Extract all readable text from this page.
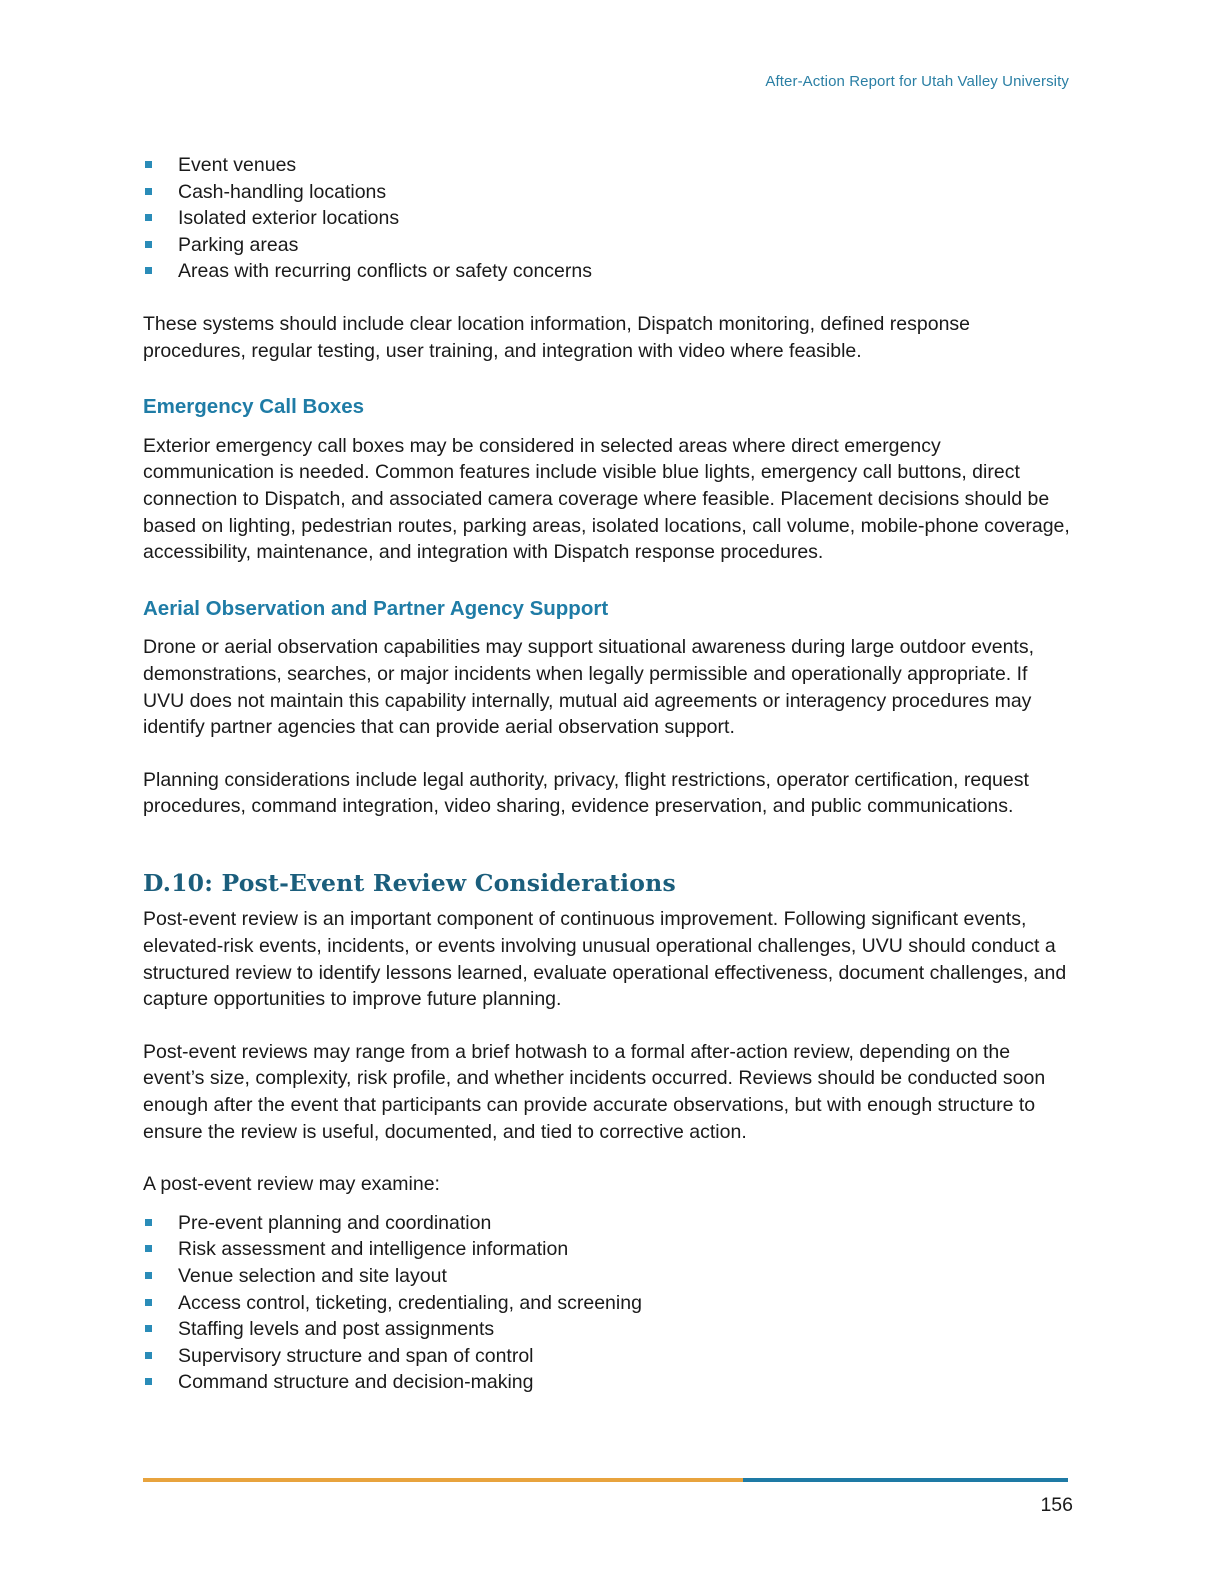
After-Action Report for Utah Valley University
Event venues
Cash-handling locations
Isolated exterior locations
Parking areas
Areas with recurring conflicts or safety concerns

These systems should include clear location information, Dispatch monitoring, defined response procedures, regular testing, user training, and integration with video where feasible.

Emergency Call Boxes

Exterior emergency call boxes may be considered in selected areas where direct emergency communication is needed. Common features include visible blue lights, emergency call buttons, direct connection to Dispatch, and associated camera coverage where feasible. Placement decisions should be based on lighting, pedestrian routes, parking areas, isolated locations, call volume, mobile-phone coverage, accessibility, maintenance, and integration with Dispatch response procedures.

Aerial Observation and Partner Agency Support

Drone or aerial observation capabilities may support situational awareness during large outdoor events, demonstrations, searches, or major incidents when legally permissible and operationally appropriate. If UVU does not maintain this capability internally, mutual aid agreements or interagency procedures may identify partner agencies that can provide aerial observation support.

Planning considerations include legal authority, privacy, flight restrictions, operator certification, request procedures, command integration, video sharing, evidence preservation, and public communications.

D.10: Post-Event Review Considerations

Post-event review is an important component of continuous improvement. Following significant events, elevated-risk events, incidents, or events involving unusual operational challenges, UVU should conduct a structured review to identify lessons learned, evaluate operational effectiveness, document challenges, and capture opportunities to improve future planning.

Post-event reviews may range from a brief hotwash to a formal after-action review, depending on the event’s size, complexity, risk profile, and whether incidents occurred. Reviews should be conducted soon enough after the event that participants can provide accurate observations, but with enough structure to ensure the review is useful, documented, and tied to corrective action.

A post-event review may examine:

Pre-event planning and coordination
Risk assessment and intelligence information
Venue selection and site layout
Access control, ticketing, credentialing, and screening
Staffing levels and post assignments
Supervisory structure and span of control
Command structure and decision-making
156
